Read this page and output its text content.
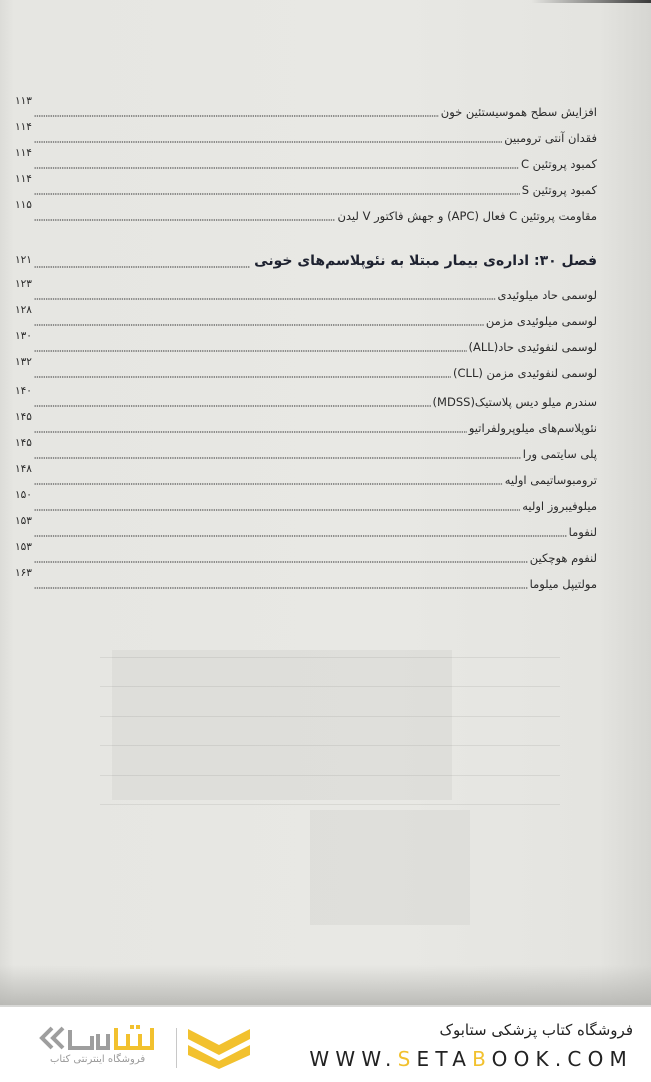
۱۱۳
افزایش سطح هموسیستئین خون
۱۱۴
فقدان آنتی ترومبین
۱۱۴
کمبود پروتئین C
۱۱۴
کمبود پروتئین S
۱۱۵
مقاومت پروتئین C فعال (APC) و جهش فاکتور V لیدن
۱۲۱	فصل ۳۰: اداره‌ی بیمار مبتلا به نئوپلاسم‌های خونی
۱۲۳
لوسمی حاد میلوئیدی
۱۲۸
لوسمی میلوئیدی مزمن
۱۳۰
لوسمی لنفوئیدی حاد(ALL)
۱۳۲
لوسمی لنفوئیدی مزمن (CLL)
۱۴۰
سندرم میلو دیس پلاستیک(MDSS)
۱۴۵
نئوپلاسم‌های میلوپرولفراتیو
۱۴۵
پلی سایتمی ورا
۱۴۸
ترومبوساتیمی اولیه
۱۵۰
میلوفیبروز اولیه
۱۵۳
لنفوما
۱۵۳
لنفوم هوچکین
۱۶۳
مولتیپل میلوما
فروشگاه کتاب پزشکی ستابوک
WWW.SETABOOK.COM
فروشگاه اینترنتی کتاب
